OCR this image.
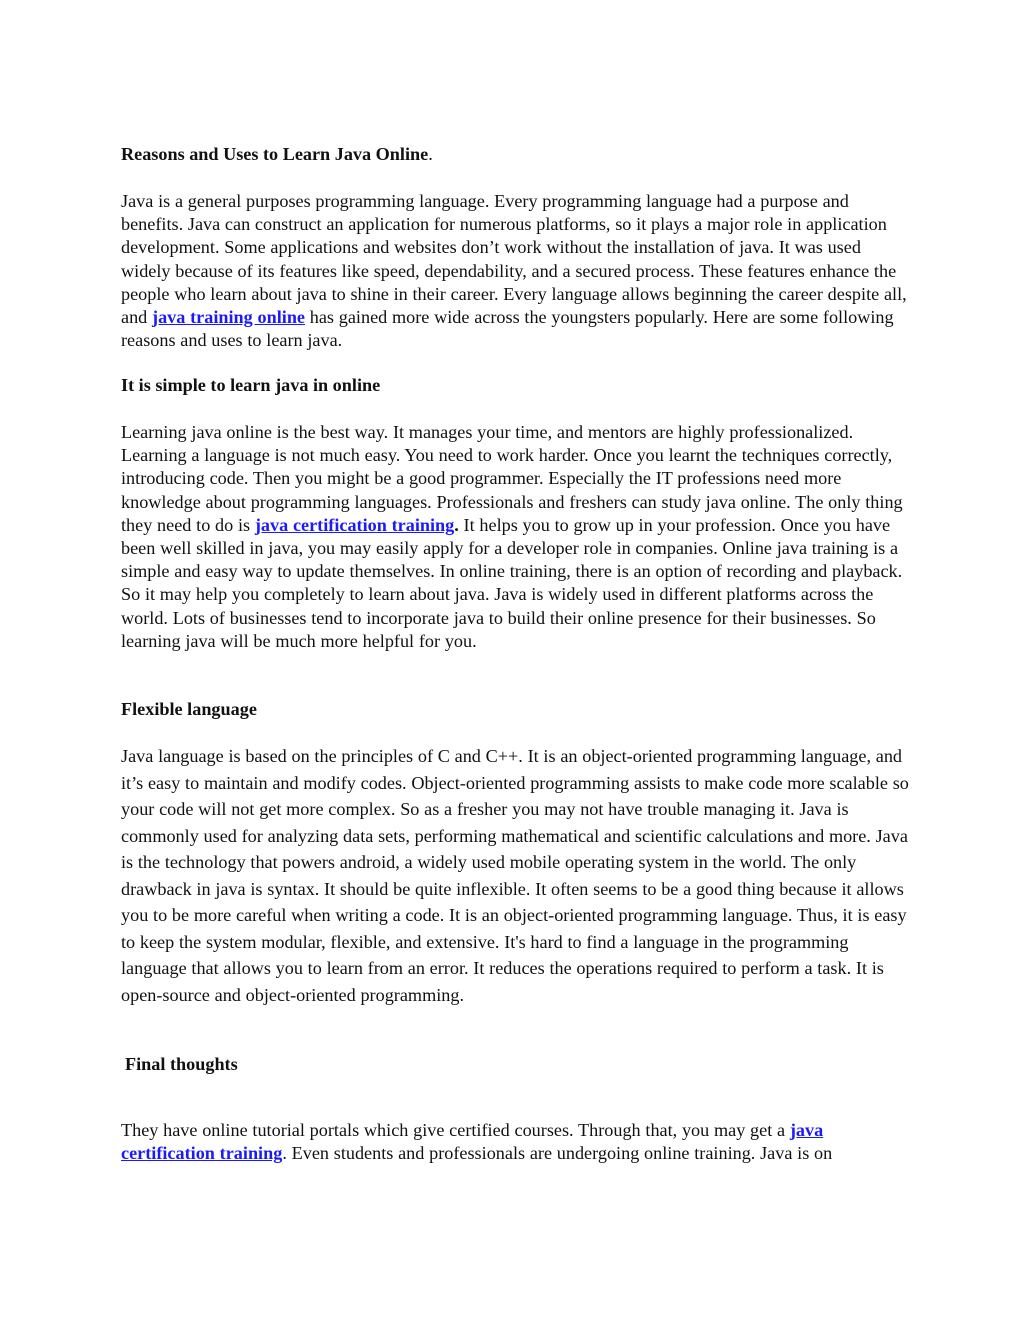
Reasons and Uses to Learn Java Online.

Java is a general purposes programming language. Every programming language had a purpose and benefits. Java can construct an application for numerous platforms, so it plays a major role in application development. Some applications and websites don’t work without the installation of java. It was used widely because of its features like speed, dependability, and a secured process. These features enhance the people who learn about java to shine in their career. Every language allows beginning the career despite all, and java training online has gained more wide across the youngsters popularly. Here are some following reasons and uses to learn java.

It is simple to learn java in online

Learning java online is the best way. It manages your time, and mentors are highly professionalized. Learning a language is not much easy. You need to work harder. Once you learnt the techniques correctly, introducing code. Then you might be a good programmer. Especially the IT professions need more knowledge about programming languages. Professionals and freshers can study java online. The only thing they need to do is java certification training. It helps you to grow up in your profession. Once you have been well skilled in java, you may easily apply for a developer role in companies. Online java training is a simple and easy way to update themselves. In online training, there is an option of recording and playback. So it may help you completely to learn about java. Java is widely used in different platforms across the world. Lots of businesses tend to incorporate java to build their online presence for their businesses. So learning java will be much more helpful for you.

Flexible language

Java language is based on the principles of C and C++. It is an object-oriented programming language, and it’s easy to maintain and modify codes. Object-oriented programming assists to make code more scalable so your code will not get more complex. So as a fresher you may not have trouble managing it. Java is commonly used for analyzing data sets, performing mathematical and scientific calculations and more. Java is the technology that powers android, a widely used mobile operating system in the world. The only drawback in java is syntax. It should be quite inflexible. It often seems to be a good thing because it allows you to be more careful when writing a code. It is an object-oriented programming language. Thus, it is easy to keep the system modular, flexible, and extensive. It's hard to find a language in the programming language that allows you to learn from an error. It reduces the operations required to perform a task. It is open-source and object-oriented programming.

Final thoughts

They have online tutorial portals which give certified courses. Through that, you may get a java certification training. Even students and professionals are undergoing online training. Java is on
